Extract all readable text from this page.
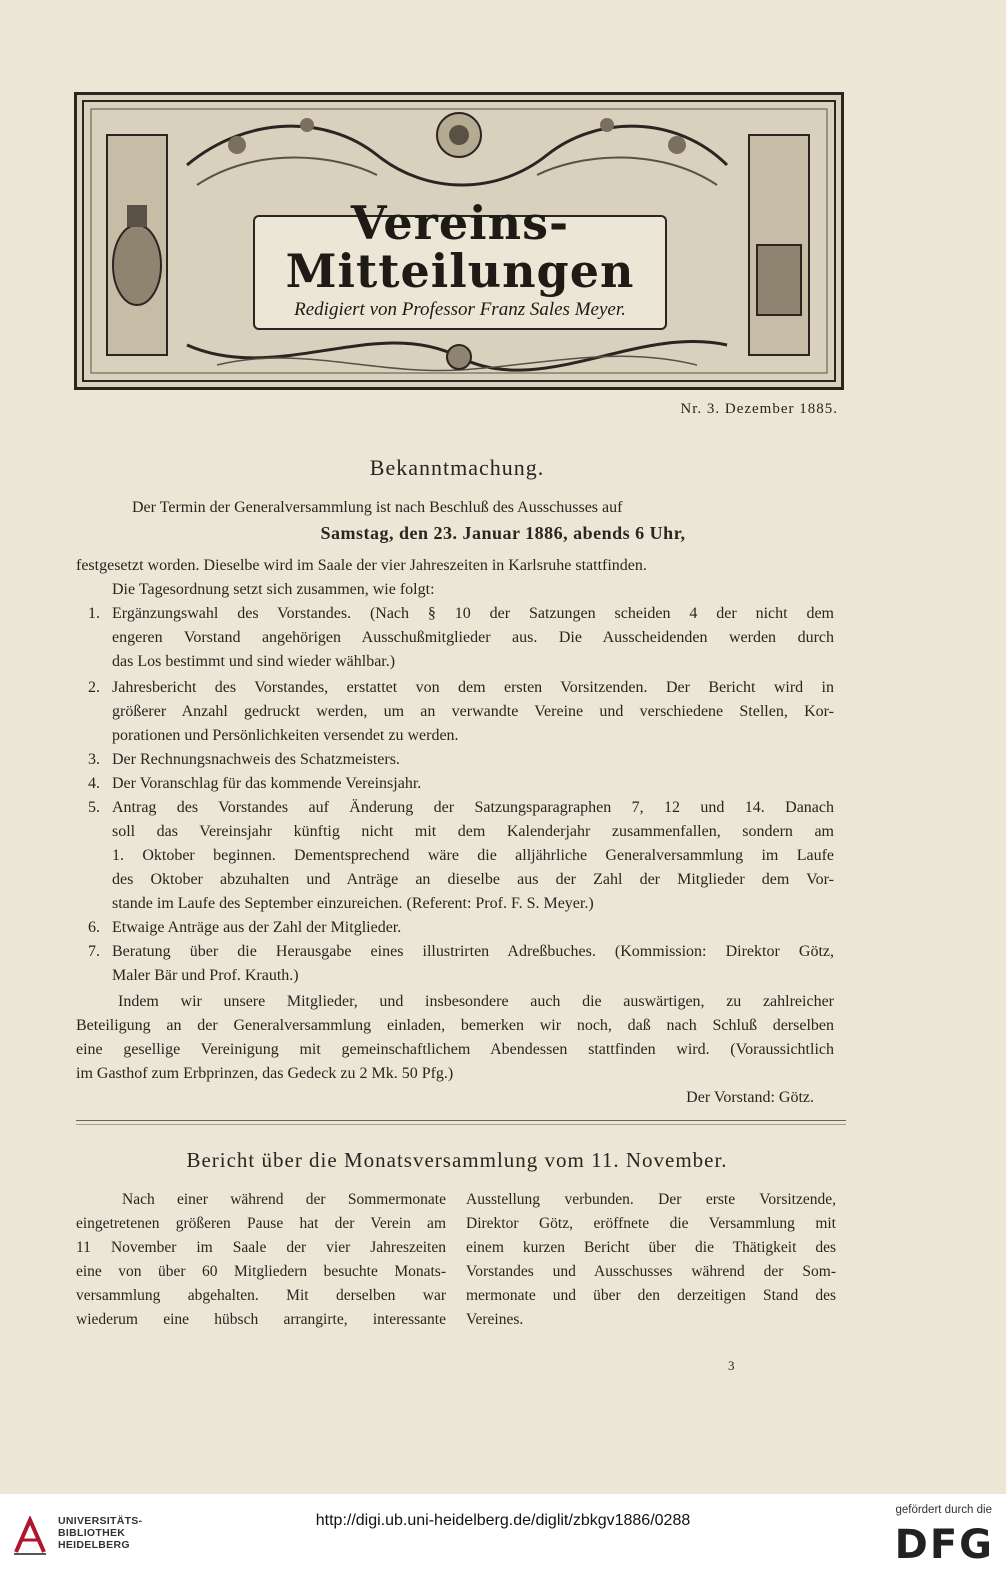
Vereins-
Mitteilungen
Redigiert von Professor Franz Sales Meyer.
Nr. 3. Dezember 1885.
Bekanntmachung.
Der Termin der Generalversammlung ist nach Beschluß des Ausschusses auf
Samstag, den 23. Januar 1886, abends 6 Uhr,
festgesetzt worden. Dieselbe wird im Saale der vier Jahreszeiten in Karlsruhe stattfinden.
Die Tagesordnung setzt sich zusammen, wie folgt:
1. Ergänzungswahl des Vorstandes. (Nach § 10 der Satzungen scheiden 4 der nicht dem
engeren Vorstand angehörigen Ausschußmitglieder aus. Die Ausscheidenden werden durch
das Los bestimmt und sind wieder wählbar.)
2. Jahresbericht des Vorstandes, erstattet von dem ersten Vorsitzenden. Der Bericht wird in
größerer Anzahl gedruckt werden, um an verwandte Vereine und verschiedene Stellen, Kor-
porationen und Persönlichkeiten versendet zu werden.
3. Der Rechnungsnachweis des Schatzmeisters.
4. Der Voranschlag für das kommende Vereinsjahr.
5. Antrag des Vorstandes auf Änderung der Satzungsparagraphen 7, 12 und 14. Danach
soll das Vereinsjahr künftig nicht mit dem Kalenderjahr zusammenfallen, sondern am
1. Oktober beginnen. Dementsprechend wäre die alljährliche Generalversammlung im Laufe
des Oktober abzuhalten und Anträge an dieselbe aus der Zahl der Mitglieder dem Vor-
stande im Laufe des September einzureichen. (Referent: Prof. F. S. Meyer.)
6. Etwaige Anträge aus der Zahl der Mitglieder.
7. Beratung über die Herausgabe eines illustrirten Adreßbuches. (Kommission: Direktor Götz,
Maler Bär und Prof. Krauth.)
Indem wir unsere Mitglieder, und insbesondere auch die auswärtigen, zu zahlreicher
Beteiligung an der Generalversammlung einladen, bemerken wir noch, daß nach Schluß derselben
eine gesellige Vereinigung mit gemeinschaftlichem Abendessen stattfinden wird. (Voraussichtlich
im Gasthof zum Erbprinzen, das Gedeck zu 2 Mk. 50 Pfg.)
Der Vorstand: Götz.
Bericht über die Monatsversammlung vom 11. November.
Nach einer während der Sommermonate
eingetretenen größeren Pause hat der Verein am
11 November im Saale der vier Jahreszeiten
eine von über 60 Mitgliedern besuchte Monats-
versammlung abgehalten. Mit derselben war
wiederum eine hübsch arrangirte, interessante
Ausstellung verbunden. Der erste Vorsitzende,
Direktor Götz, eröffnete die Versammlung mit
einem kurzen Bericht über die Thätigkeit des
Vorstandes und Ausschusses während der Som-
mermonate und über den derzeitigen Stand des
Vereines.
3
UNIVERSITÄTS-
BIBLIOTHEK
HEIDELBERG
http://digi.ub.uni-heidelberg.de/diglit/zbkgv1886/0288
gefördert durch die
DFG
